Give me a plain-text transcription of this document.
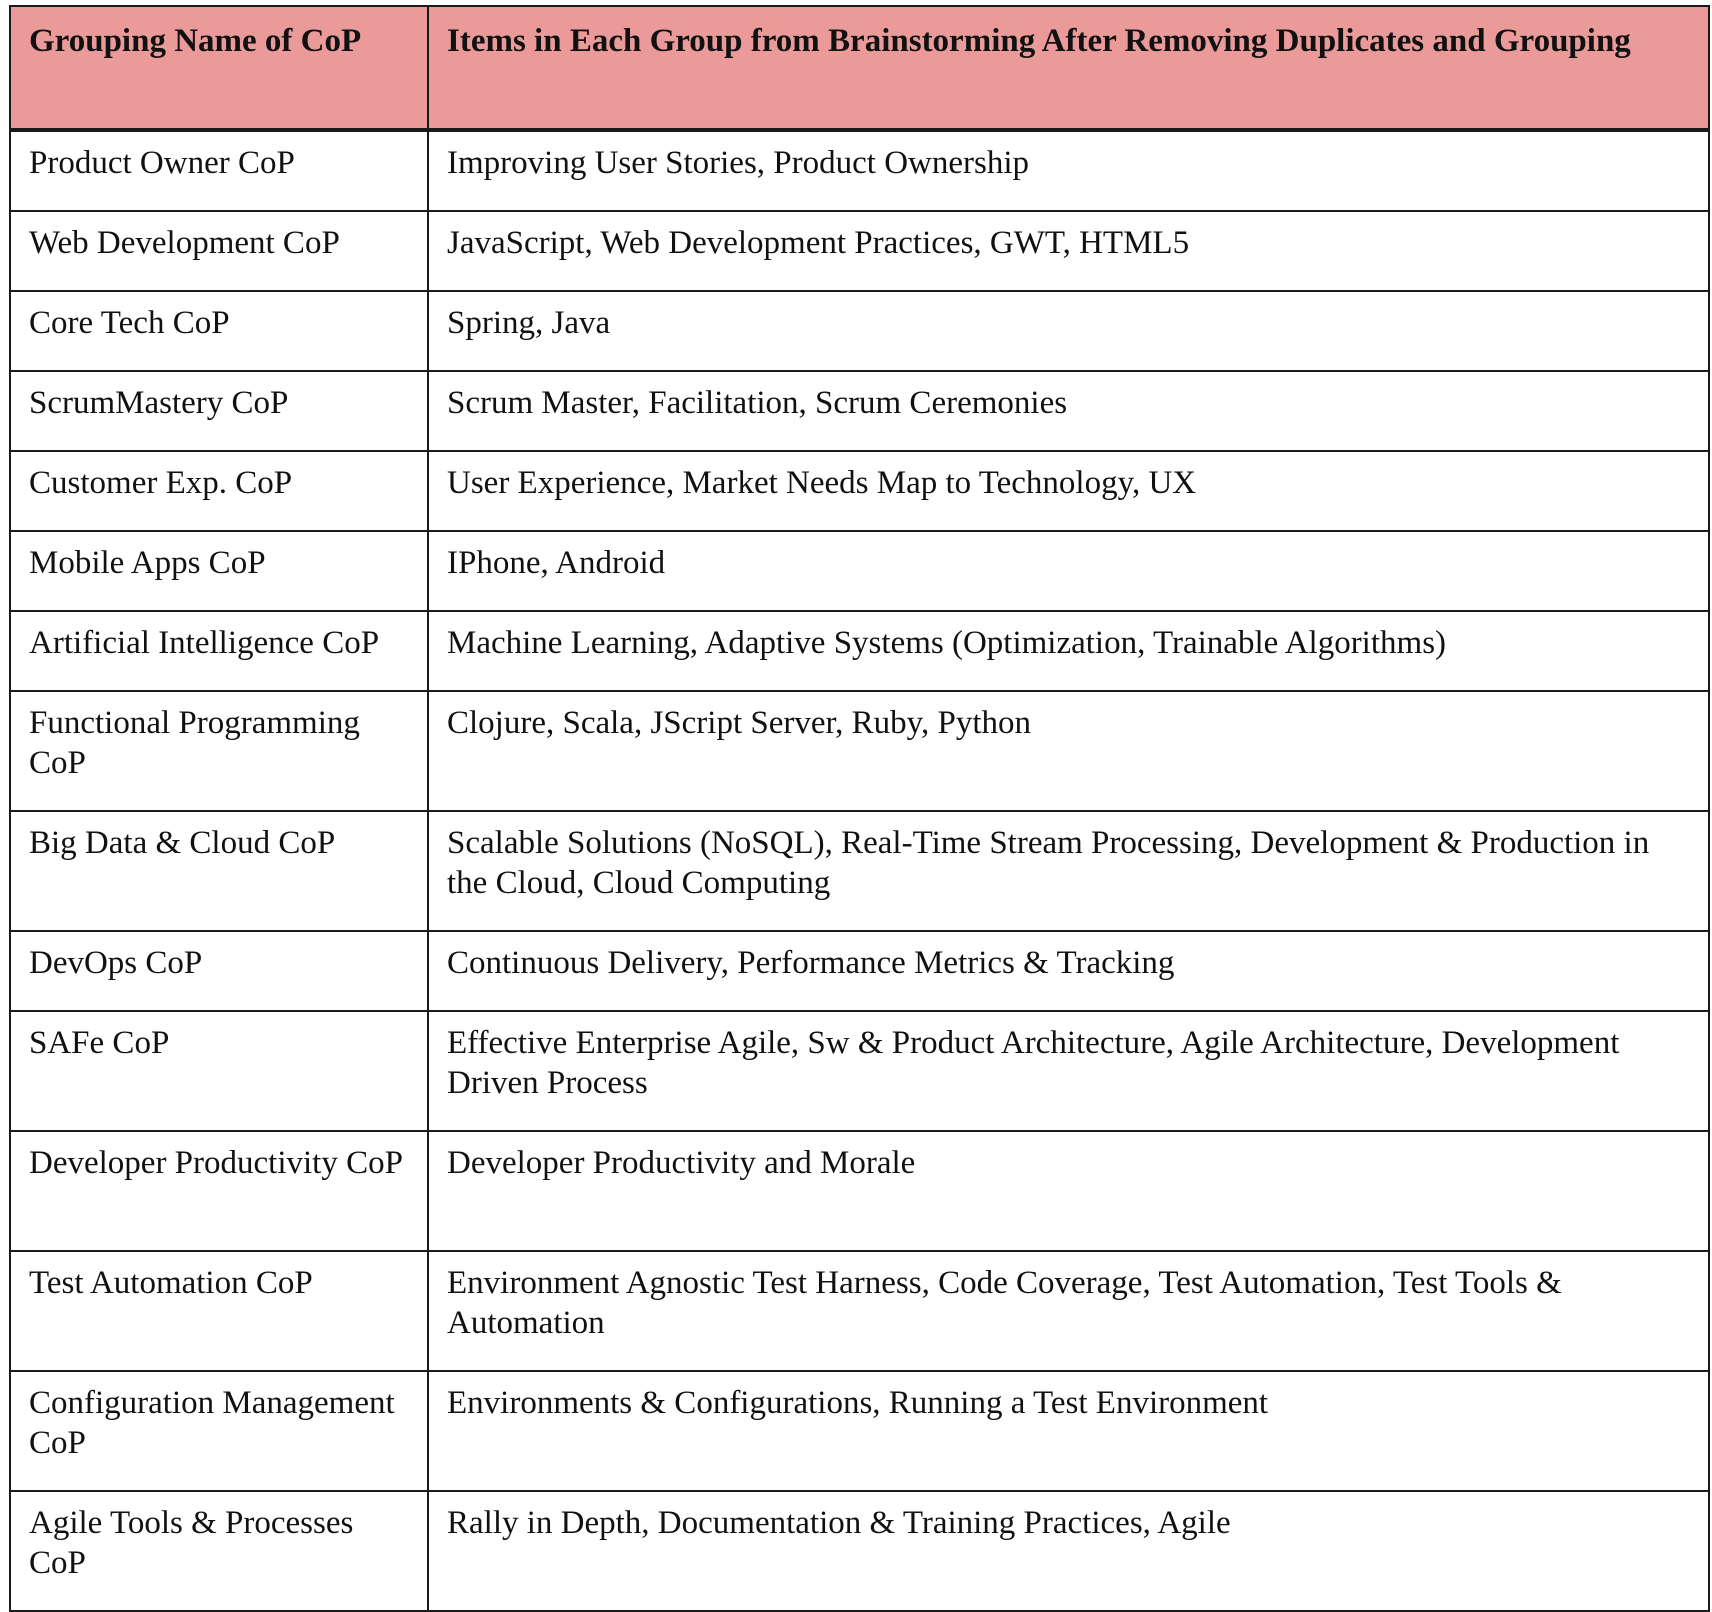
Grouping Name of CoP	Items in Each Group from Brainstorming After Removing Duplicates and Grouping
Product Owner CoP	Improving User Stories, Product Ownership
Web Development CoP	JavaScript, Web Development Practices, GWT, HTML5
Core Tech CoP	Spring, Java
ScrumMastery CoP	Scrum Master, Facilitation, Scrum Ceremonies
Customer Exp. CoP	User Experience, Market Needs Map to Technology, UX
Mobile Apps CoP	IPhone, Android
Artificial Intelligence CoP	Machine Learning, Adaptive Systems (Optimization, Trainable Algorithms)
Functional Programming CoP	Clojure, Scala, JScript Server, Ruby, Python
Big Data & Cloud CoP	Scalable Solutions (NoSQL), Real-Time Stream Processing, Development & Production in the Cloud, Cloud Computing
DevOps CoP	Continuous Delivery, Performance Metrics & Tracking
SAFe CoP	Effective Enterprise Agile, Sw & Product Architecture, Agile Architecture, Development Driven Process
Developer Productivity CoP	Developer Productivity and Morale
Test Automation CoP	Environment Agnostic Test Harness, Code Coverage, Test Automation, Test Tools & Automation
Configuration Management CoP	Environments & Configurations, Running a Test Environment
Agile Tools & Processes CoP	Rally in Depth, Documentation & Training Practices, Agile
